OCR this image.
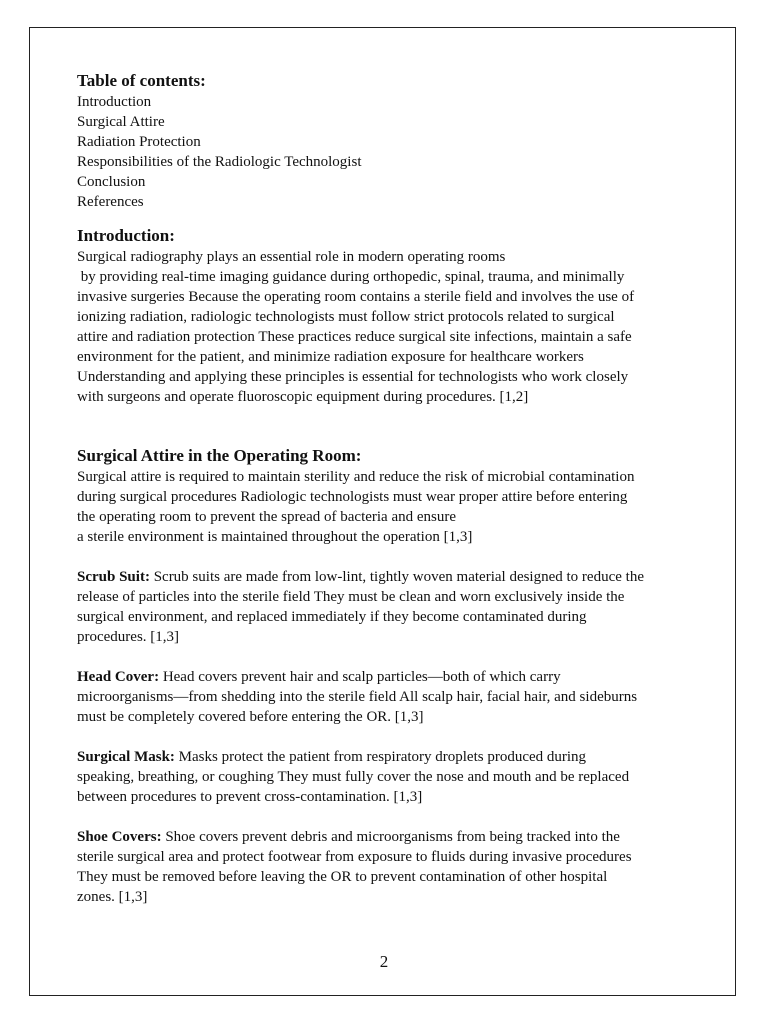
Table of contents:
Introduction
Surgical Attire
Radiation Protection
Responsibilities of the Radiologic Technologist
Conclusion
References
Introduction:
Surgical radiography plays an essential role in modern operating rooms
by providing real-time imaging guidance during orthopedic, spinal, trauma, and minimally
invasive surgeries Because the operating room contains a sterile field and involves the use of
ionizing radiation, radiologic technologists must follow strict protocols related to surgical
attire and radiation protection These practices reduce surgical site infections, maintain a safe
environment for the patient, and minimize radiation exposure for healthcare workers
Understanding and applying these principles is essential for technologists who work closely
with surgeons and operate fluoroscopic equipment during procedures. [1,2]
Surgical Attire in the Operating Room:
Surgical attire is required to maintain sterility and reduce the risk of microbial contamination
during surgical procedures Radiologic technologists must wear proper attire before entering
the operating room to prevent the spread of bacteria and ensure
a sterile environment is maintained throughout the operation [1,3]
Scrub Suit: Scrub suits are made from low-lint, tightly woven material designed to reduce the
release of particles into the sterile field They must be clean and worn exclusively inside the
surgical environment, and replaced immediately if they become contaminated during
procedures. [1,3]
Head Cover: Head covers prevent hair and scalp particles—both of which carry
microorganisms—from shedding into the sterile field All scalp hair, facial hair, and sideburns
must be completely covered before entering the OR. [1,3]
Surgical Mask: Masks protect the patient from respiratory droplets produced during
speaking, breathing, or coughing They must fully cover the nose and mouth and be replaced
between procedures to prevent cross-contamination. [1,3]
Shoe Covers: Shoe covers prevent debris and microorganisms from being tracked into the
sterile surgical area and protect footwear from exposure to fluids during invasive procedures
They must be removed before leaving the OR to prevent contamination of other hospital
zones. [1,3]
2
